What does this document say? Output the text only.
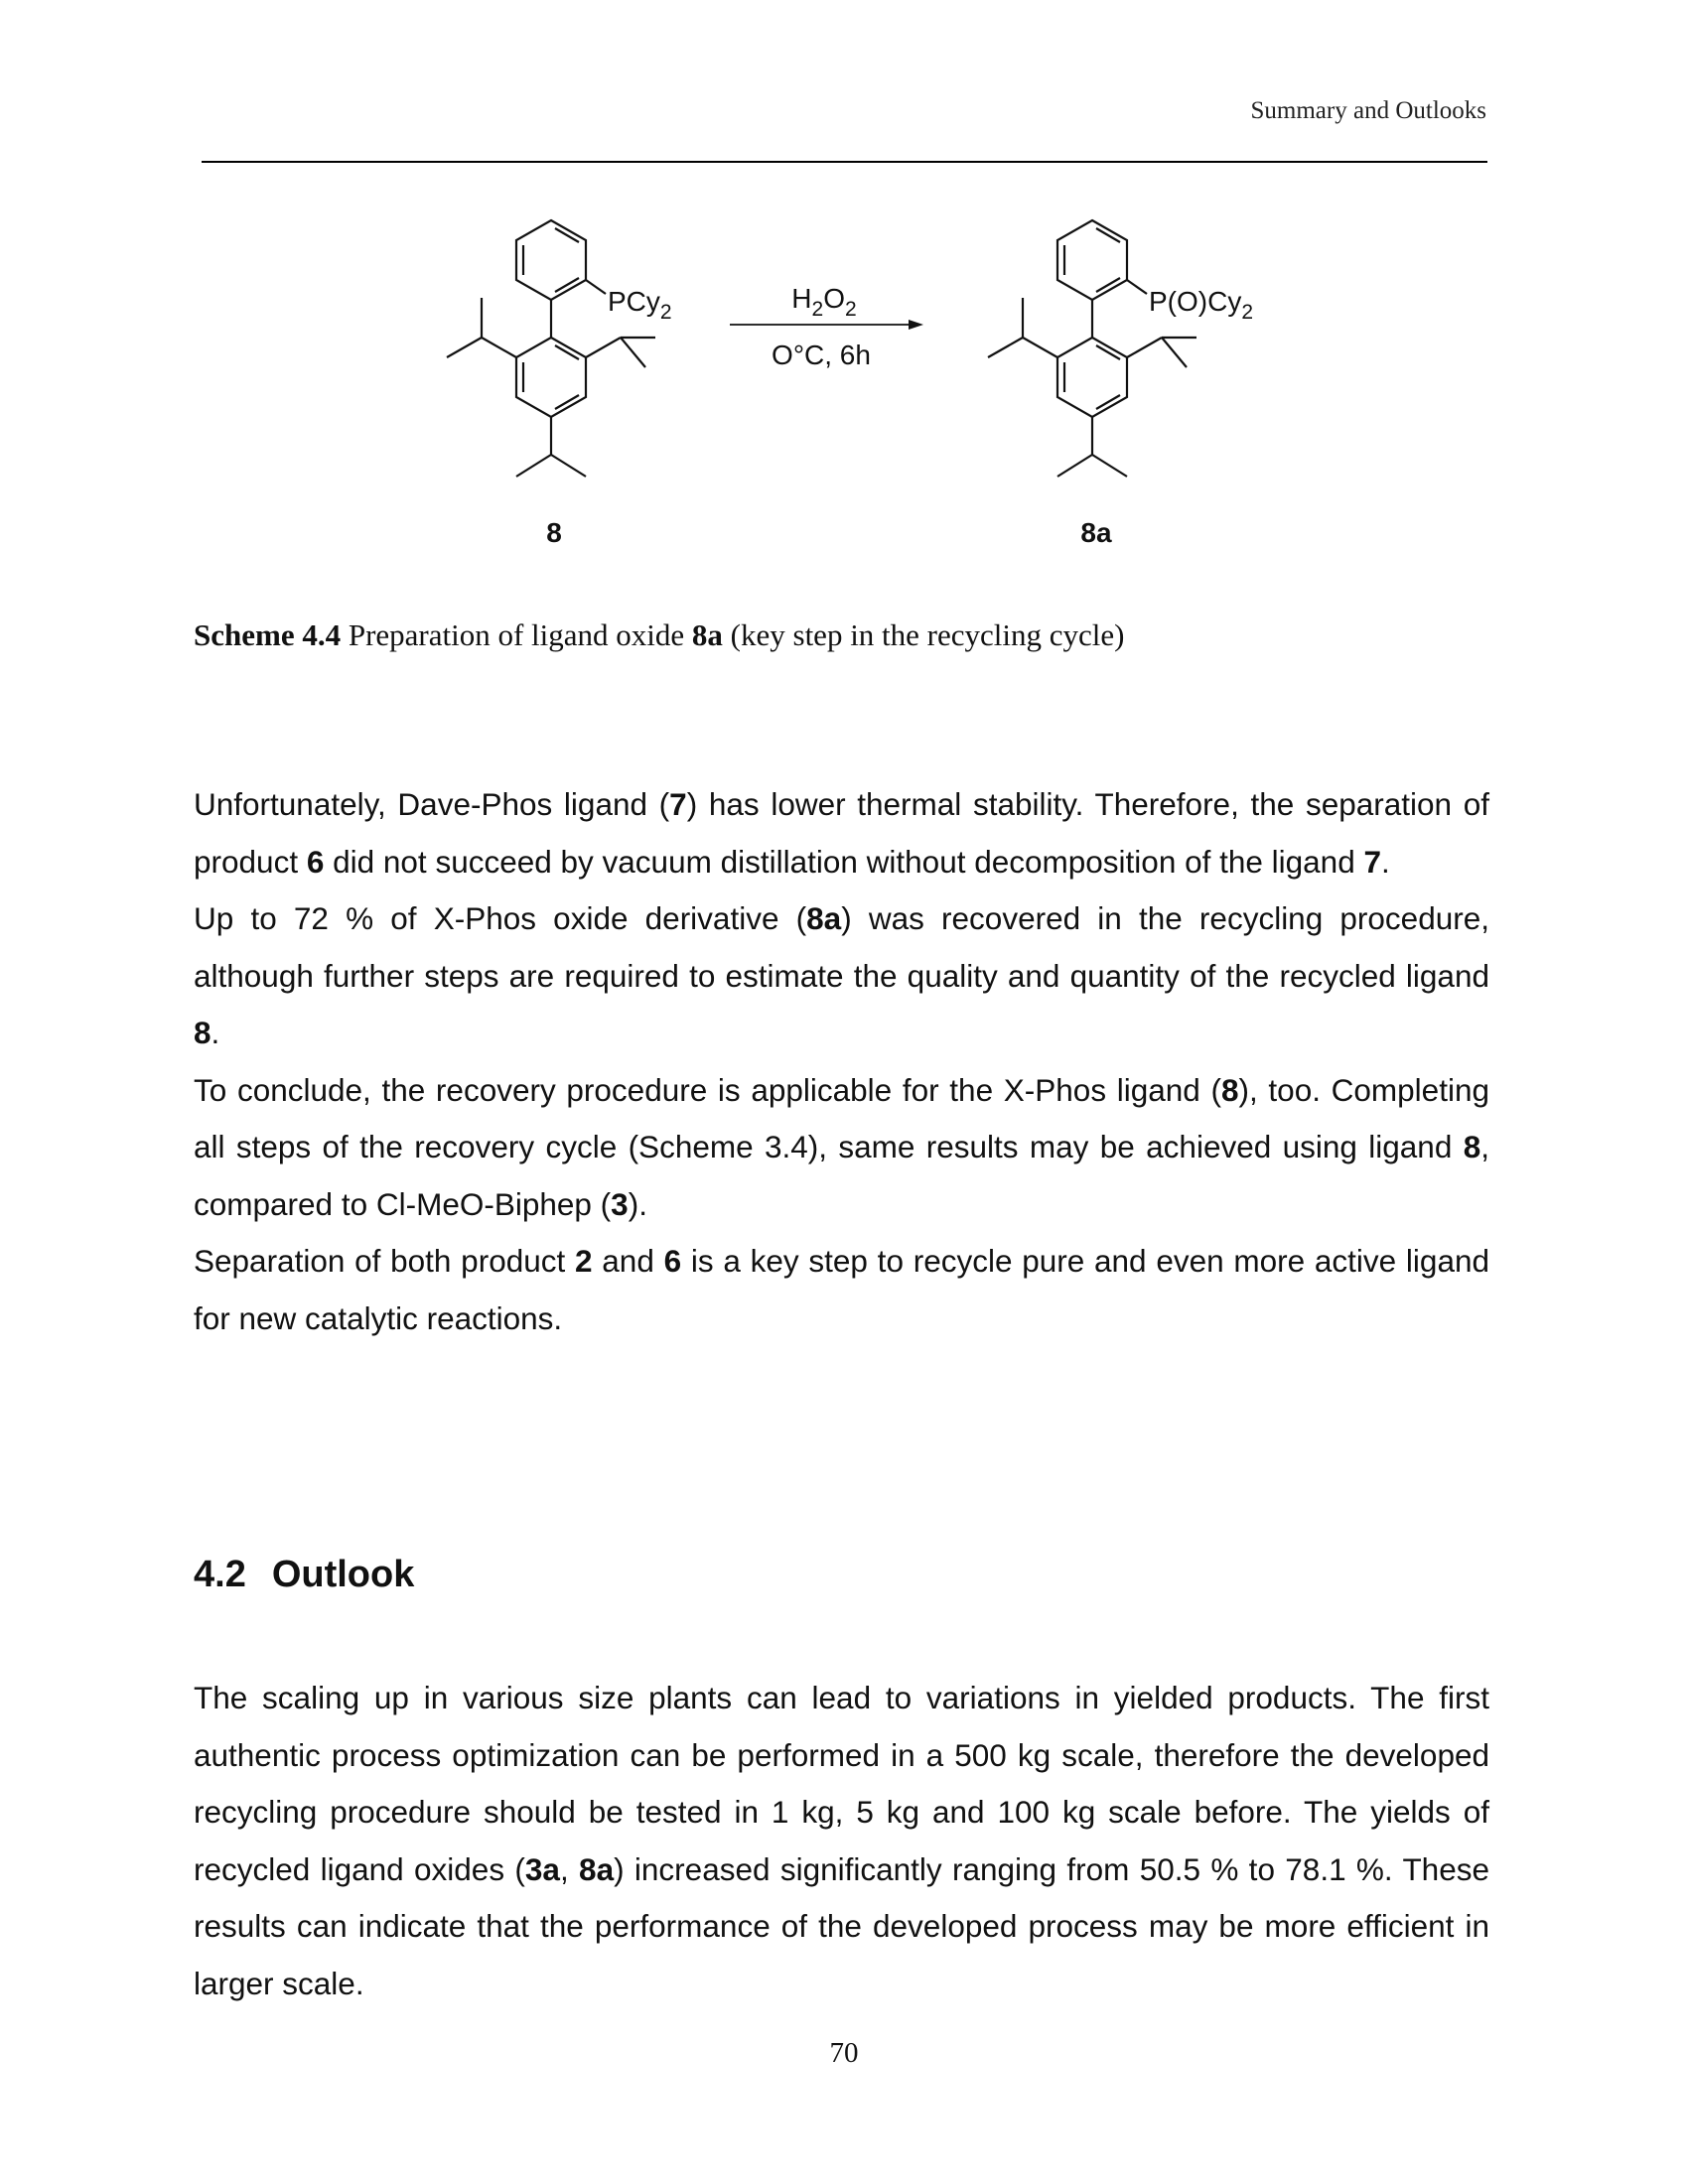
Summary and Outlooks
PCy$_2$
8
$H_2O_2$
O°C, 6h
$P(O)Cy_2$
8a
Scheme 4.4 Preparation of ligand oxide 8a (key step in the recycling cycle)

Unfortunately, Dave-Phos ligand (7) has lower thermal stability. Therefore, the separation of product 6 did not succeed by vacuum distillation without decomposition of the ligand 7.

Up to 72 % of X-Phos oxide derivative (8a) was recovered in the recycling procedure, although further steps are required to estimate the quality and quantity of the recycled ligand 8.

To conclude, the recovery procedure is applicable for the X-Phos ligand (8), too. Completing all steps of the recovery cycle (Scheme 3.4), same results may be achieved using ligand 8, compared to Cl-MeO-Biphep (3).

Separation of both product 2 and 6 is a key step to recycle pure and even more active ligand for new catalytic reactions.

4.2 Outlook

The scaling up in various size plants can lead to variations in yielded products. The first authentic process optimization can be performed in a 500 kg scale, therefore the developed recycling procedure should be tested in 1 kg, 5 kg and 100 kg scale before. The yields of recycled ligand oxides (3a, 8a) increased significantly ranging from 50.5 % to 78.1 %. These results can indicate that the performance of the developed process may be more efficient in larger scale.

70
